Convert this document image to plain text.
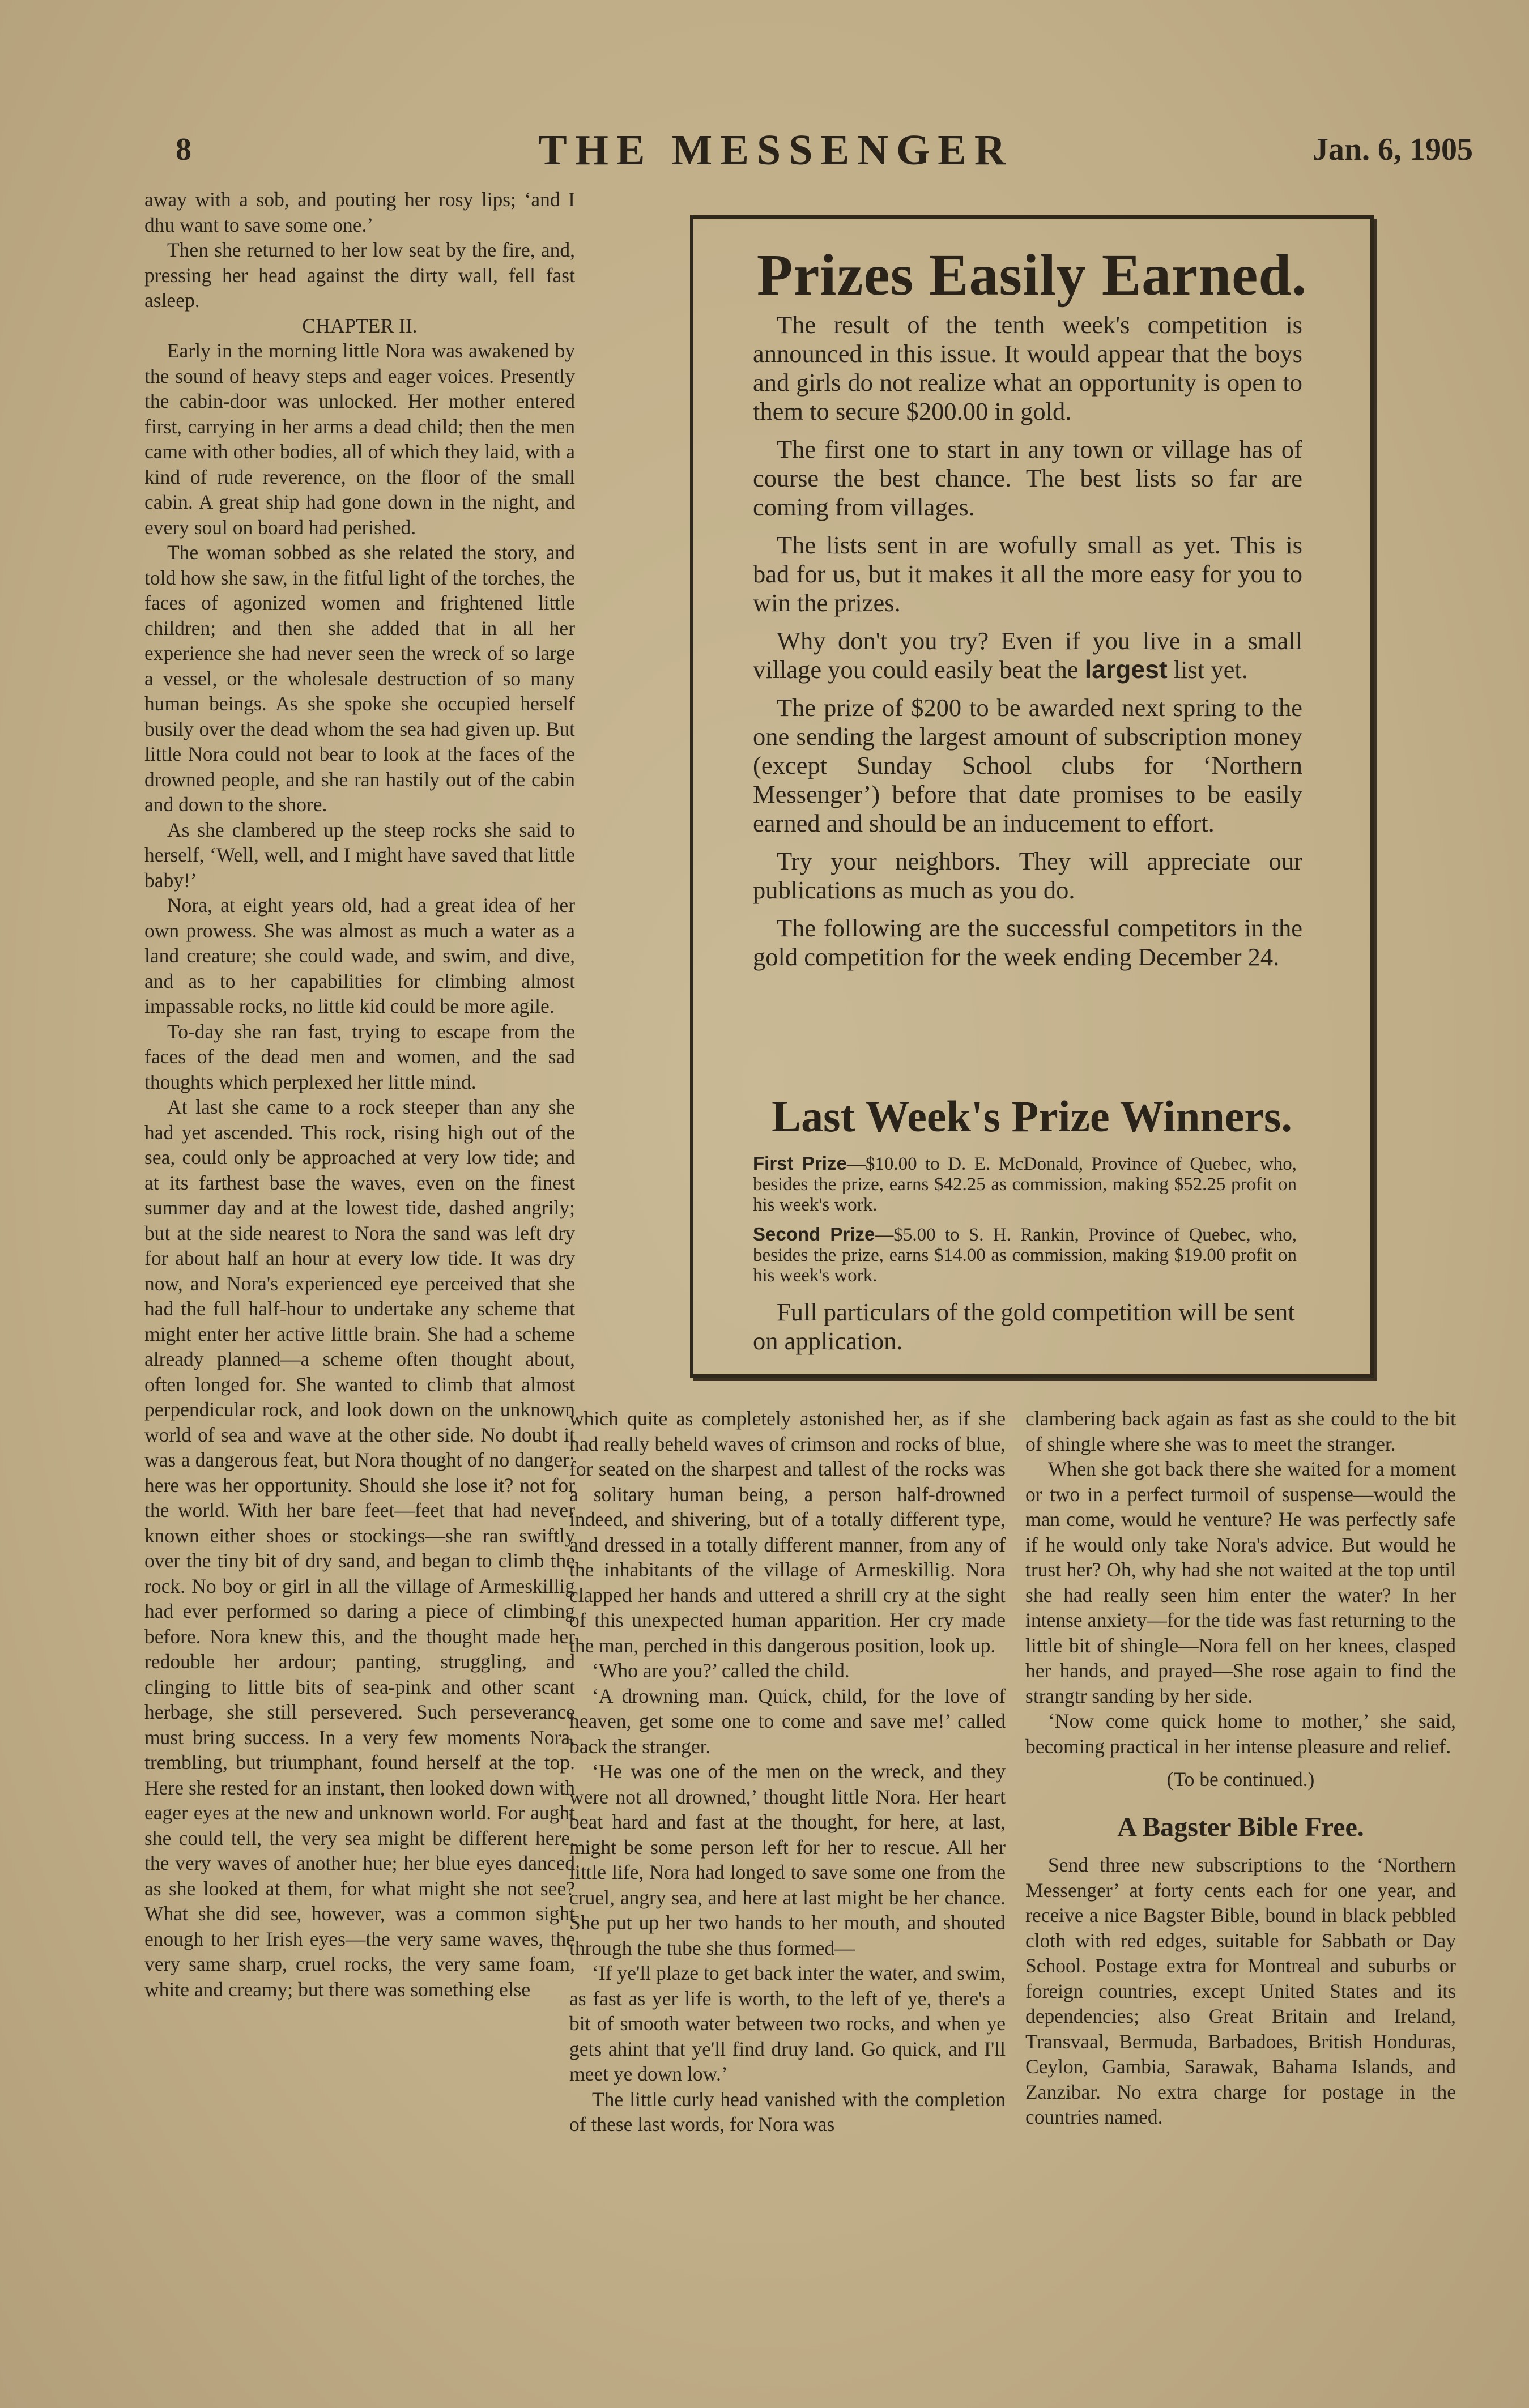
8	THE MESSENGER	Jan. 6, 1905

away with a sob, and pouting her rosy lips; ‘and I dhu want to save some one.’

Then she returned to her low seat by the fire, and, pressing her head against the dirty wall, fell fast asleep.

CHAPTER II.

Early in the morning little Nora was awakened by the sound of heavy steps and eager voices. Presently the cabin-door was unlocked. Her mother entered first, carrying in her arms a dead child; then the men came with other bodies, all of which they laid, with a kind of rude reverence, on the floor of the small cabin. A great ship had gone down in the night, and every soul on board had perished.

The woman sobbed as she related the story, and told how she saw, in the fitful light of the torches, the faces of agonized women and frightened little children; and then she added that in all her experience she had never seen the wreck of so large a vessel, or the wholesale destruction of so many human beings. As she spoke she occupied herself busily over the dead whom the sea had given up. But little Nora could not bear to look at the faces of the drowned people, and she ran hastily out of the cabin and down to the shore.

As she clambered up the steep rocks she said to herself, ‘Well, well, and I might have saved that little baby!’

Nora, at eight years old, had a great idea of her own prowess. She was almost as much a water as a land creature; she could wade, and swim, and dive, and as to her capabilities for climbing almost impassable rocks, no little kid could be more agile.

To-day she ran fast, trying to escape from the faces of the dead men and women, and the sad thoughts which perplexed her little mind.

At last she came to a rock steeper than any she had yet ascended. This rock, rising high out of the sea, could only be approached at very low tide; and at its farthest base the waves, even on the finest summer day and at the lowest tide, dashed angrily; but at the side nearest to Nora the sand was left dry for about half an hour at every low tide. It was dry now, and Nora's experienced eye perceived that she had the full half-hour to undertake any scheme that might enter her active little brain. She had a scheme already planned—a scheme often thought about, often longed for. She wanted to climb that almost perpendicular rock, and look down on the unknown world of sea and wave at the other side. No doubt it was a dangerous feat, but Nora thought of no danger; here was her opportunity. Should she lose it? not for the world. With her bare feet—feet that had never known either shoes or stockings—she ran swiftly over the tiny bit of dry sand, and began to climb the rock. No boy or girl in all the village of Armeskillig had ever performed so daring a piece of climbing before. Nora knew this, and the thought made her redouble her ardour; panting, struggling, and clinging to little bits of sea-pink and other scant herbage, she still persevered. Such perseverance must bring success. In a very few moments Nora, trembling, but triumphant, found herself at the top. Here she rested for an instant, then looked down with eager eyes at the new and unknown world. For aught she could tell, the very sea might be different here, the very waves of another hue; her blue eyes danced as she looked at them, for what might she not see? What she did see, however, was a common sight enough to her Irish eyes—the very same waves, the very same sharp, cruel rocks, the very same foam, white and creamy; but there was something else

Prizes Easily Earned.

The result of the tenth week's competition is announced in this issue. It would appear that the boys and girls do not realize what an opportunity is open to them to secure $200.00 in gold.

The first one to start in any town or village has of course the best chance. The best lists so far are coming from villages.

The lists sent in are wofully small as yet. This is bad for us, but it makes it all the more easy for you to win the prizes.

Why don't you try? Even if you live in a small village you could easily beat the largest list yet.

The prize of $200 to be awarded next spring to the one sending the largest amount of subscription money (except Sunday School clubs for ‘Northern Messenger’) before that date promises to be easily earned and should be an inducement to effort.

Try your neighbors. They will appreciate our publications as much as you do.

The following are the successful competitors in the gold competition for the week ending December 24.

Last Week's Prize Winners.
First Prize—$10.00 to D. E. McDonald, Province of Quebec, who, besides the prize, earns $42.25 as commission, making $52.25 profit on his week's work.
Second Prize—$5.00 to S. H. Rankin, Province of Quebec, who, besides the prize, earns $14.00 as commission, making $19.00 profit on his week's work.

Full particulars of the gold competition will be sent on application.

which quite as completely astonished her, as if she had really beheld waves of crimson and rocks of blue, for seated on the sharpest and tallest of the rocks was a solitary human being, a person half-drowned indeed, and shivering, but of a totally different type, and dressed in a totally different manner, from any of the inhabitants of the village of Armeskillig. Nora clapped her hands and uttered a shrill cry at the sight of this unexpected human apparition. Her cry made the man, perched in this dangerous position, look up.

‘Who are you?’ called the child.

‘A drowning man. Quick, child, for the love of heaven, get some one to come and save me!’ called back the stranger.

‘He was one of the men on the wreck, and they were not all drowned,’ thought little Nora. Her heart beat hard and fast at the thought, for here, at last, might be some person left for her to rescue. All her little life, Nora had longed to save some one from the cruel, angry sea, and here at last might be her chance. She put up her two hands to her mouth, and shouted through the tube she thus formed—

‘If ye'll plaze to get back inter the water, and swim, as fast as yer life is worth, to the left of ye, there's a bit of smooth water between two rocks, and when ye gets ahint that ye'll find druy land. Go quick, and I'll meet ye down low.’

The little curly head vanished with the completion of these last words, for Nora was

clambering back again as fast as she could to the bit of shingle where she was to meet the stranger.

When she got back there she waited for a moment or two in a perfect turmoil of suspense—would the man come, would he venture? He was perfectly safe if he would only take Nora's advice. But would he trust her? Oh, why had she not waited at the top until she had really seen him enter the water? In her intense anxiety—for the tide was fast returning to the little bit of shingle—Nora fell on her knees, clasped her hands, and prayed—She rose again to find the strangtr sanding by her side.

‘Now come quick home to mother,’ she said, becoming practical in her intense pleasure and relief.

(To be continued.)

A Bagster Bible Free.

Send three new subscriptions to the ‘Northern Messenger’ at forty cents each for one year, and receive a nice Bagster Bible, bound in black pebbled cloth with red edges, suitable for Sabbath or Day School. Postage extra for Montreal and suburbs or foreign countries, except United States and its dependencies; also Great Britain and Ireland, Transvaal, Bermuda, Barbadoes, British Honduras, Ceylon, Gambia, Sarawak, Bahama Islands, and Zanzibar. No extra charge for postage in the countries named.
